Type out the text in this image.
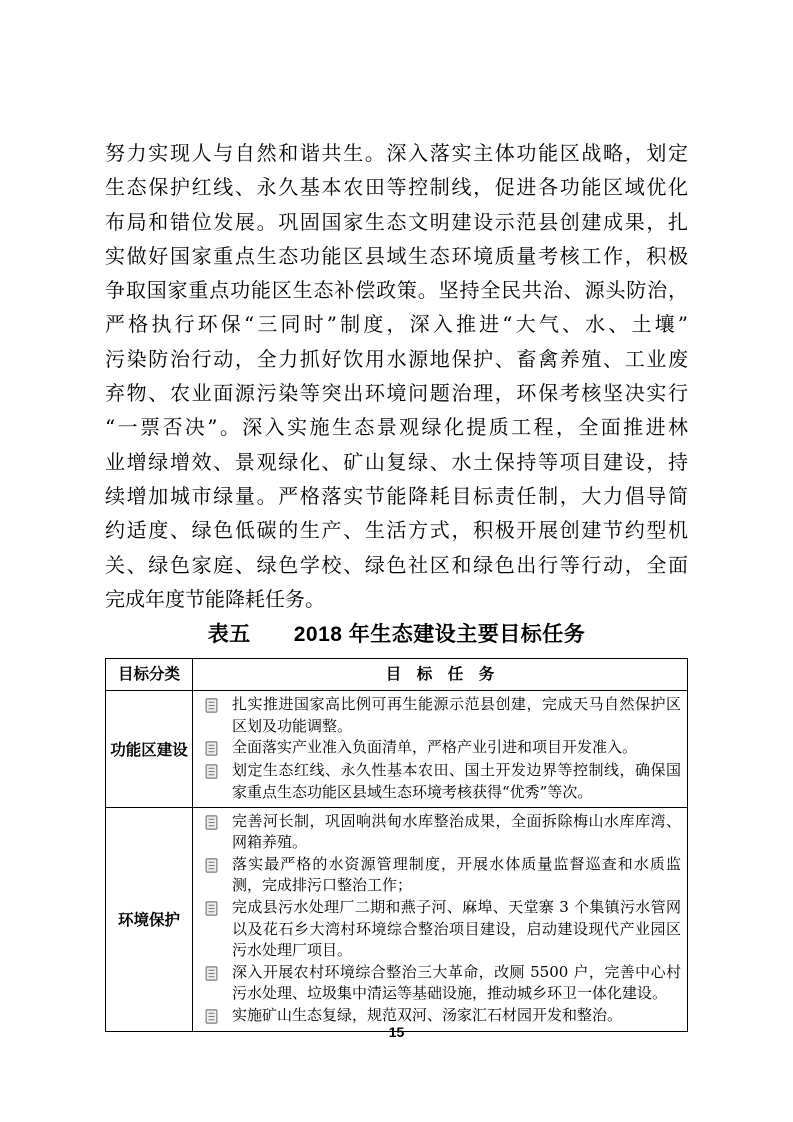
努力实现人与自然和谐共生。深入落实主体功能区战略，划定
生态保护红线、永久基本农田等控制线，促进各功能区域优化
布局和错位发展。巩固国家生态文明建设示范县创建成果，扎
实做好国家重点生态功能区县域生态环境质量考核工作，积极
争取国家重点功能区生态补偿政策。坚持全民共治、源头防治，
严格执行环保“三同时”制度，深入推进“大气、水、土壤”
污染防治行动，全力抓好饮用水源地保护、畜禽养殖、工业废
弃物、农业面源污染等突出环境问题治理，环保考核坚决实行
“一票否决”。深入实施生态景观绿化提质工程，全面推进林
业增绿增效、景观绿化、矿山复绿、水土保持等项目建设，持
续增加城市绿量。严格落实节能降耗目标责任制，大力倡导简
约适度、绿色低碳的生产、生活方式，积极开展创建节约型机
关、绿色家庭、绿色学校、绿色社区和绿色出行等行动，全面
完成年度节能降耗任务。
表五　　2018 年生态建设主要目标任务
目标分类	目　标　任　务
功能区建设	扎实推进国家高比例可再生能源示范县创建，完成天马自然保护区区划及功能调整。
全面落实产业准入负面清单，严格产业引进和项目开发准入。
划定生态红线、永久性基本农田、国土开发边界等控制线，确保国家重点生态功能区县域生态环境考核获得“优秀”等次。

环境保护	完善河长制，巩固响洪甸水库整治成果，全面拆除梅山水库库湾、网箱养殖。
落实最严格的水资源管理制度，开展水体质量监督巡查和水质监测，完成排污口整治工作；
完成县污水处理厂二期和燕子河、麻埠、天堂寨 3 个集镇污水管网以及花石乡大湾村环境综合整治项目建设，启动建设现代产业园区污水处理厂项目。
深入开展农村环境综合整治三大革命，改厕 5500 户，完善中心村污水处理、垃圾集中清运等基础设施，推动城乡环卫一体化建设。
实施矿山生态复绿，规范双河、汤家汇石材园开发和整治。
15
